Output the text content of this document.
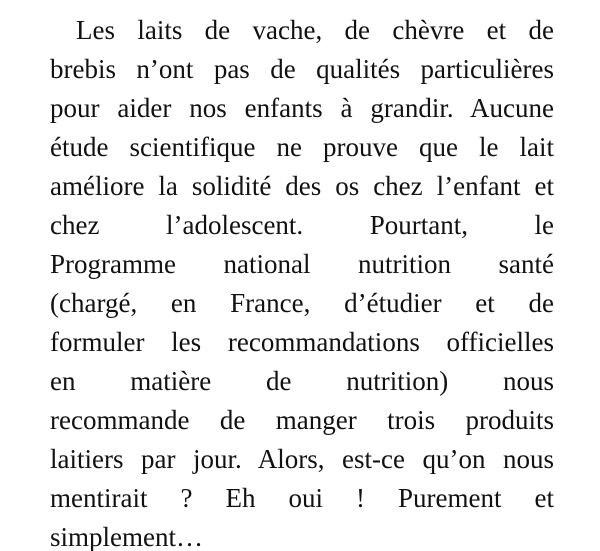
Les laits de vache, de chèvre et de
brebis n’ont pas de qualités particulières
pour aider nos enfants à grandir. Aucune
étude scientifique ne prouve que le lait
améliore la solidité des os chez l’enfant et
chez l’adolescent. Pourtant, le
Programme national nutrition santé
(chargé, en France, d’étudier et de
formuler les recommandations officielles
en matière de nutrition) nous
recommande de manger trois produits
laitiers par jour. Alors, est-ce qu’on nous
mentirait ? Eh oui ! Purement et
simplement…
